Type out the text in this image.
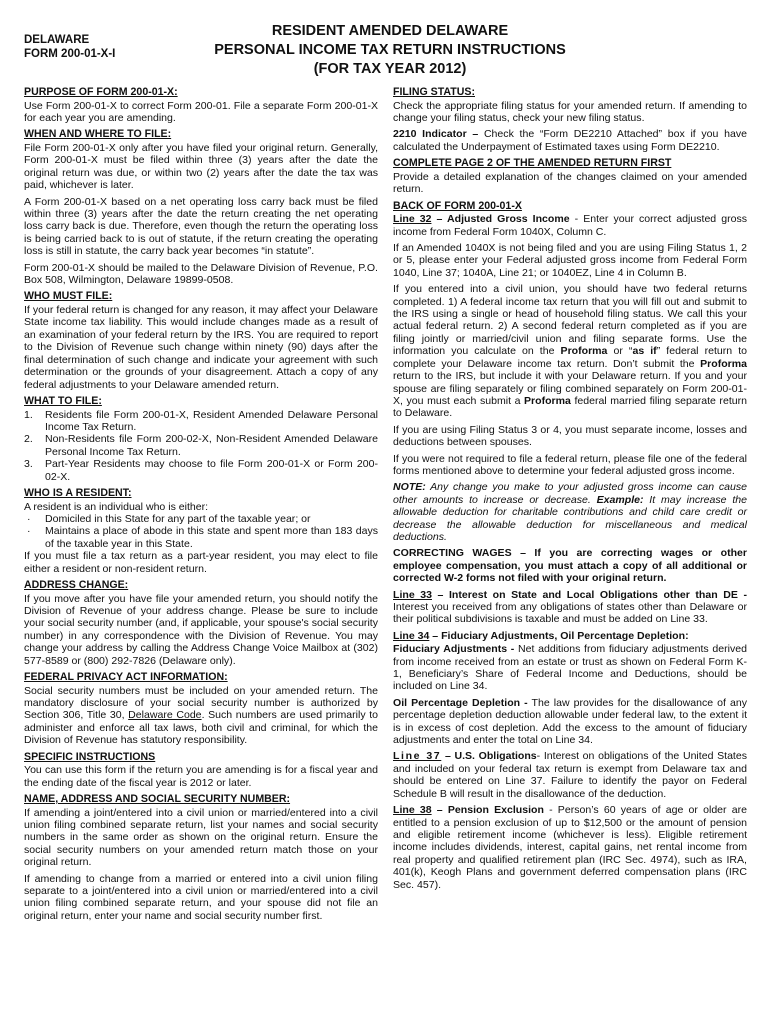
DELAWARE
FORM 200-01-X-I
RESIDENT AMENDED DELAWARE
PERSONAL INCOME TAX RETURN INSTRUCTIONS
(FOR TAX YEAR 2012)
PURPOSE OF FORM 200-01-X:

Use Form 200-01-X to correct Form 200-01. File a separate Form 200-01-X for each year you are amending.

WHEN AND WHERE TO FILE:

File Form 200-01-X only after you have filed your original return. Generally, Form 200-01-X must be filed within three (3) years after the date the original return was due, or within two (2) years after the date the tax was paid, whichever is later.

A Form 200-01-X based on a net operating loss carry back must be filed within three (3) years after the date the return creating the net operating loss carry back is due. Therefore, even though the return the operating loss is being carried back to is out of statute, if the return creating the operating loss is still in statute, the carry back year becomes “in statute”.

Form 200-01-X should be mailed to the Delaware Division of Revenue, P.O. Box 508, Wilmington, Delaware 19899-0508.

WHO MUST FILE:

If your federal return is changed for any reason, it may affect your Delaware State income tax liability. This would include changes made as a result of an examination of your federal return by the IRS. You are required to report to the Division of Revenue such change within ninety (90) days after the final determination of such change and indicate your agreement with such determination or the grounds of your disagreement. Attach a copy of any federal adjustments to your Delaware amended return.

WHAT TO FILE:
1. Residents file Form 200-01-X, Resident Amended Delaware Personal Income Tax Return.
2. Non-Residents file Form 200-02-X, Non-Resident Amended Delaware Personal Income Tax Return.
3. Part-Year Residents may choose to file Form 200-01-X or Form 200-02-X.
WHO IS A RESIDENT:
A resident is an individual who is either:
· Domiciled in this State for any part of the taxable year; or
· Maintains a place of abode in this state and spent more than 183 days of the taxable year in this State.

If you must file a tax return as a part-year resident, you may elect to file either a resident or non-resident return.

ADDRESS CHANGE:

If you move after you have file your amended return, you should notify the Division of Revenue of your address change. Please be sure to include your social security number (and, if applicable, your spouse's social security number) in any correspondence with the Division of Revenue. You may change your address by calling the Address Change Voice Mailbox at (302) 577-8589 or (800) 292-7826 (Delaware only).

FEDERAL PRIVACY ACT INFORMATION:

Social security numbers must be included on your amended return. The mandatory disclosure of your social security number is authorized by Section 306, Title 30, Delaware Code. Such numbers are used primarily to administer and enforce all tax laws, both civil and criminal, for which the Division of Revenue has statutory responsibility.

SPECIFIC INSTRUCTIONS

You can use this form if the return you are amending is for a fiscal year and the ending date of the fiscal year is 2012 or later.

NAME, ADDRESS AND SOCIAL SECURITY NUMBER:

If amending a joint/entered into a civil union or married/entered into a civil union filing combined separate return, list your names and social security numbers in the same order as shown on the original return. Ensure the social security numbers on your amended return match those on your original return.

If amending to change from a married or entered into a civil union filing separate to a joint/entered into a civil union or married/entered into a civil union filing combined separate return, and your spouse did not file an original return, enter your name and social security number first.

FILING STATUS:

Check the appropriate filing status for your amended return. If amending to change your filing status, check your new filing status.

2210 Indicator – Check the “Form DE2210 Attached” box if you have calculated the Underpayment of Estimated taxes using Form DE2210.

COMPLETE PAGE 2 OF THE AMENDED RETURN FIRST

Provide a detailed explanation of the changes claimed on your amended return.

BACK OF FORM 200-01-X

Line 32 – Adjusted Gross Income - Enter your correct adjusted gross income from Federal Form 1040X, Column C.

If an Amended 1040X is not being filed and you are using Filing Status 1, 2 or 5, please enter your Federal adjusted gross income from Federal Form 1040, Line 37; 1040A, Line 21; or 1040EZ, Line 4 in Column B.

If you entered into a civil union, you should have two federal returns completed. 1) A federal income tax return that you will fill out and submit to the IRS using a single or head of household filing status. We call this your actual federal return. 2) A second federal return completed as if you are filing jointly or married/civil union and filing separate forms. Use the information you calculate on the Proforma or “as if” federal return to complete your Delaware income tax return. Don’t submit the Proforma return to the IRS, but include it with your Delaware return. If you and your spouse are filing separately or filing combined separately on Form 200-01-X, you must each submit a Proforma federal married filing separate return to Delaware.

If you are using Filing Status 3 or 4, you must separate income, losses and deductions between spouses.

If you were not required to file a federal return, please file one of the federal forms mentioned above to determine your federal adjusted gross income.

NOTE: Any change you make to your adjusted gross income can cause other amounts to increase or decrease. Example: It may increase the allowable deduction for charitable contributions and child care credit or decrease the allowable deduction for miscellaneous and medical deductions.

CORRECTING WAGES – If you are correcting wages or other employee compensation, you must attach a copy of all additional or corrected W-2 forms not filed with your original return.

Line 33 – Interest on State and Local Obligations other than DE - Interest you received from any obligations of states other than Delaware or their political subdivisions is taxable and must be added on Line 33.

Line 34 – Fiduciary Adjustments, Oil Percentage Depletion:

Fiduciary Adjustments - Net additions from fiduciary adjustments derived from income received from an estate or trust as shown on Federal Form K-1, Beneficiary’s Share of Federal Income and Deductions, should be included on Line 34.

Oil Percentage Depletion - The law provides for the disallowance of any percentage depletion deduction allowable under federal law, to the extent it is in excess of cost depletion. Add the excess to the amount of fiduciary adjustments and enter the total on Line 34.

Line 37 – U.S. Obligations- Interest on obligations of the United States and included on your federal tax return is exempt from Delaware tax and should be entered on Line 37. Failure to identify the payor on Federal Schedule B will result in the disallowance of the deduction.

Line 38 – Pension Exclusion - Person’s 60 years of age or older are entitled to a pension exclusion of up to $12,500 or the amount of pension and eligible retirement income (whichever is less). Eligible retirement income includes dividends, interest, capital gains, net rental income from real property and qualified retirement plan (IRC Sec. 4974), such as IRA, 401(k), Keogh Plans and government deferred compensation plans (IRC Sec. 457).
